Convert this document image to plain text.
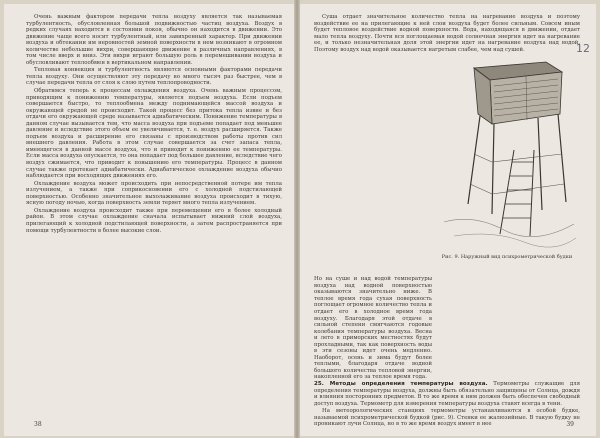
Очень важным фактором передачи тепла воздуху является так называемая турбулентность, обусловленная большой подвижностью частиц воздуха. Воздух в редких случаях находится в состоянии покоя, обычно он находится в движении. Это движение чаще всего носит турбулентный, или завихренный характер. При движении воздуха и обтекании им неровностей земной поверхности в нем возникают в огромном количестве небольшие вихри, совершающие движение в различных направлениях, в том числе вверх и вниз. Эти вихри играют большую роль в перемешивании воздуха и обусловливают теплообмен в вертикальном направлении.

Тепловая конвекция и турбулентность являются основными факторами передачи тепла воздуху. Они осуществляют эту передачу во много тысяч раз быстрее, чем в случае передачи тепла от слоя к слою путем теплопроводности.

Обратимся теперь к процессам охлаждения воздуха. Очень важным процессом, приводящим к понижению температуры, является подъем воздуха. Если подъем совершается быстро, то теплообмена между поднимающейся массой воздуха и окружающей средой не происходит. Такой процесс без притока тепла извне и без отдачи его окружающей среде называется адиабатическим. Понижение температуры в данном случае вызывается тем, что масса воздуха при подъеме попадает под меньшее давление и вследствие этого объем ее увеличивается, т. е. воздух расширяется. Также подъем воздуха и расширение его связаны с производством работы против сил внешнего давления. Работа в этом случае совершается за счет запаса тепла, имеющегося в данной массе воздуха, что и приводит к понижению ее температуры. Если масса воздуха опускается, то она попадает под большее давление, вследствие чего воздух сжимается, что приводит к повышению его температуры. Процесс в данном случае также протекает адиабатически. Адиабатическое охлаждение воздуха обычно наблюдается при восходящих движениях его.

Охлаждение воздуха может происходить при непосредственной потере им тепла излучением, а также при соприкосновении его с холодной подстилающей поверхностью. Особенно значительное выхолаживание воздуха происходит в тихую, ясную погоду ночью, когда поверхность земли теряет много тепла излучением.

Охлаждение воздуха происходит также при перемещении его в более холодный район. В этом случае охлаждение сначала испытывает нижний слой воздуха, прилегающий к холодной подстилающей поверхности, а затем распространяется при помощи турбулентности в более высокие слои.

38
12

Суша отдает значительное количество тепла на нагревание воздуха и поэтому воздействие ее на прилегающие к ней слои воздуха будет более сильным. Совсем иным будет тепловое воздействие водной поверхности. Вода, находящаяся в движении, отдает мало тепла воздуху. Почти вся поглощаемая водой солнечная энергия идет на нагревание ее, и только незначительная доля этой энергии идет на нагревание воздуха над водой. Поэтому воздух над водой оказывается нагретым слабее, чем над сушей.

Рис. 9. Наружный вид психрометрической будки

Но на суше и над водой температуры воздуха над водной поверхностью оказываются значительно ниже. В теплое время года сухая поверхность поглощает огромное количество тепла и отдает его в холодное время года воздуху. Благодаря этой отдаче в сильной степени смягчаются годовые колебания температуры воздуха. Весна и лето в приморских местностях будут прохладными, так как поверхность воды в эти сезоны идет очень медленно. Наоборот, осень и зима будут более теплыми, благодаря отдаче водной большого количества тепловой энергии, накопленной его за теплое время года.

25. Методы определения температуры воздуха. Термометры служащие для определения температуры воздуха, должны быть обязательно защищены от Солнца, дождя и влияния посторонних предметов. В то же время к ним должен быть обеспечен свободный доступ воздуха. Термометр для измерения температуры воздуха ставят всегда в тени.

На метеорологических станциях термометры устанавливаются в особой будке, называемой психрометрической будкой (рис. 9). Стенки ее жалюзийные. В такую будку не проникают лучи Солнца, но в то же время воздух имеет в нее	39
